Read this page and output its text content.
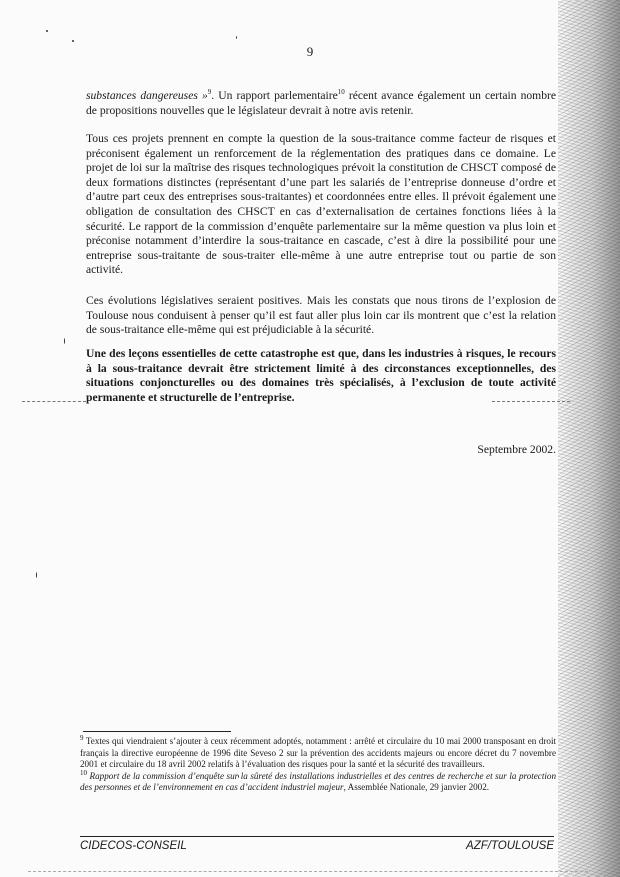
9
substances dangereuses »$^9$. Un rapport parlementaire$^{10}$ récent avance également un certain nombre de propositions nouvelles que le législateur devrait à notre avis retenir.
Tous ces projets prennent en compte la question de la sous-traitance comme facteur de risques et préconisent également un renforcement de la réglementation des pratiques dans ce domaine. Le projet de loi sur la maîtrise des risques technologiques prévoit la constitution de CHSCT composé de deux formations distinctes (représentant d’une part les salariés de l’entreprise donneuse d’ordre et d’autre part ceux des entreprises sous-traitantes) et coordonnées entre elles. Il prévoit également une obligation de consultation des CHSCT en cas d’externalisation de certaines fonctions liées à la sécurité. Le rapport de la commission d’enquête parlementaire sur la même question va plus loin et préconise notamment d’interdire la sous-traitance en cascade, c’est à dire la possibilité pour une entreprise sous-traitante de sous-traiter elle-même à une autre entreprise tout ou partie de son activité.
Ces évolutions législatives seraient positives. Mais les constats que nous tirons de l’explosion de Toulouse nous conduisent à penser qu’il est faut aller plus loin car ils montrent que c’est la relation de sous-traitance elle-même qui est préjudiciable à la sécurité.
Une des leçons essentielles de cette catastrophe est que, dans les industries à risques, le recours à la sous-traitance devrait être strictement limité à des circonstances exceptionnelles, des situations conjoncturelles ou des domaines très spécialisés, à l’exclusion de toute activité permanente et structurelle de l’entreprise.
Septembre 2002.

$^9$ Textes qui viendraient s’ajouter à ceux récemment adoptés, notamment : arrêté et circulaire du 10 mai 2000 transposant en droit français la directive européenne de 1996 dite Seveso 2 sur la prévention des accidents majeurs ou encore décret du 7 novembre 2001 et circulaire du 18 avril 2002 relatifs à l’évaluation des risques pour la santé et la sécurité des travailleurs.

$^{10}$ Rapport de la commission d’enquête sur la sûreté des installations industrielles et des centres de recherche et sur la protection des personnes et de l’environnement en cas d’accident industriel majeur, Assemblée Nationale, 29 janvier 2002.

CIDECOS-CONSEIL	AZF/TOULOUSE
